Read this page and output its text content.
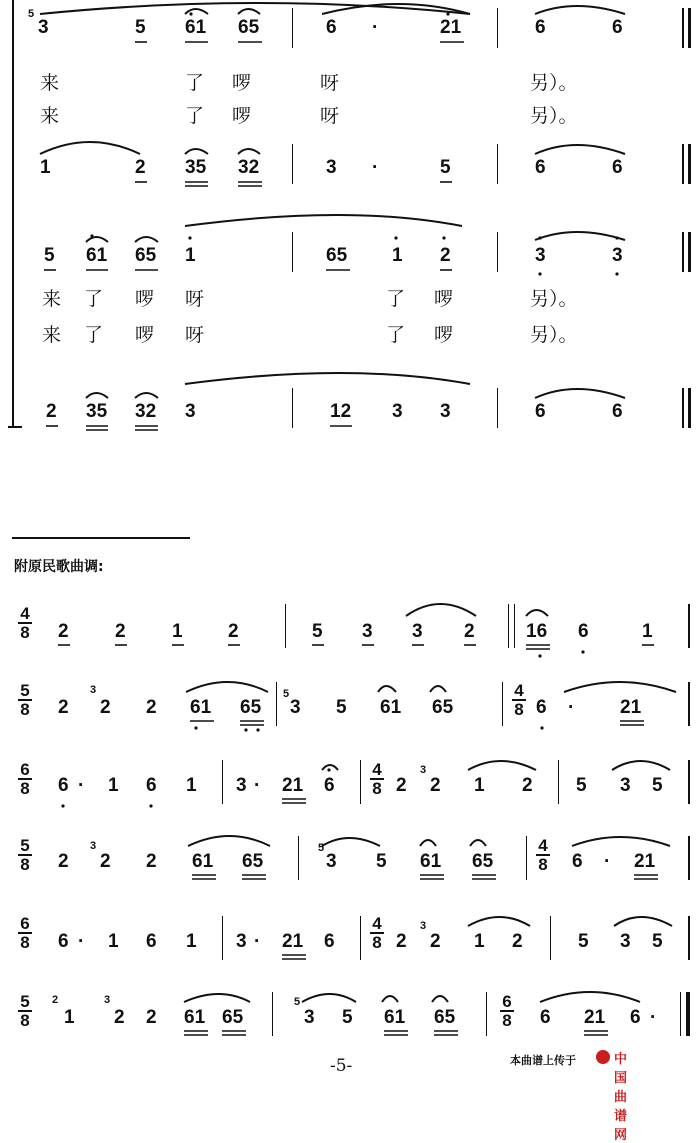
5
3	5 61 65	6 ·	21	6	6
来	了 啰	呀	另）。
来	了 啰	呀	另）。
1	2 35 32	3 ·	5	6	6
5 61 65 1	65 1 2	3	3
来 了 啰 呀	了 啰	另）。
来 了 啰 呀	了 啰	另）。
2 35 32 3	12 3 3	6	6
附原民歌曲调:
4
8 2 2 1 2	5 3 3 2	16 6	1
5
8 2
3
2 2 61 65
5
3 5 61 65
4
8 6 · 21
6
8 6 · 1 6 1 3 · 21 6
4
8 2
3
2 1 2 5 3 5
5
8 2
3
2 2 61 65
5
3 5 61 65
4
8 6 · 21
6
8 6 · 1 6 1 3 · 21 6
4
8 2
3
2 1 2	5 3 5
5
8
2
1
3
2 2 61 65
5
3 5 61 65
6
8 6 21 6 ·
-5-	本曲谱上传于	中国曲谱网
